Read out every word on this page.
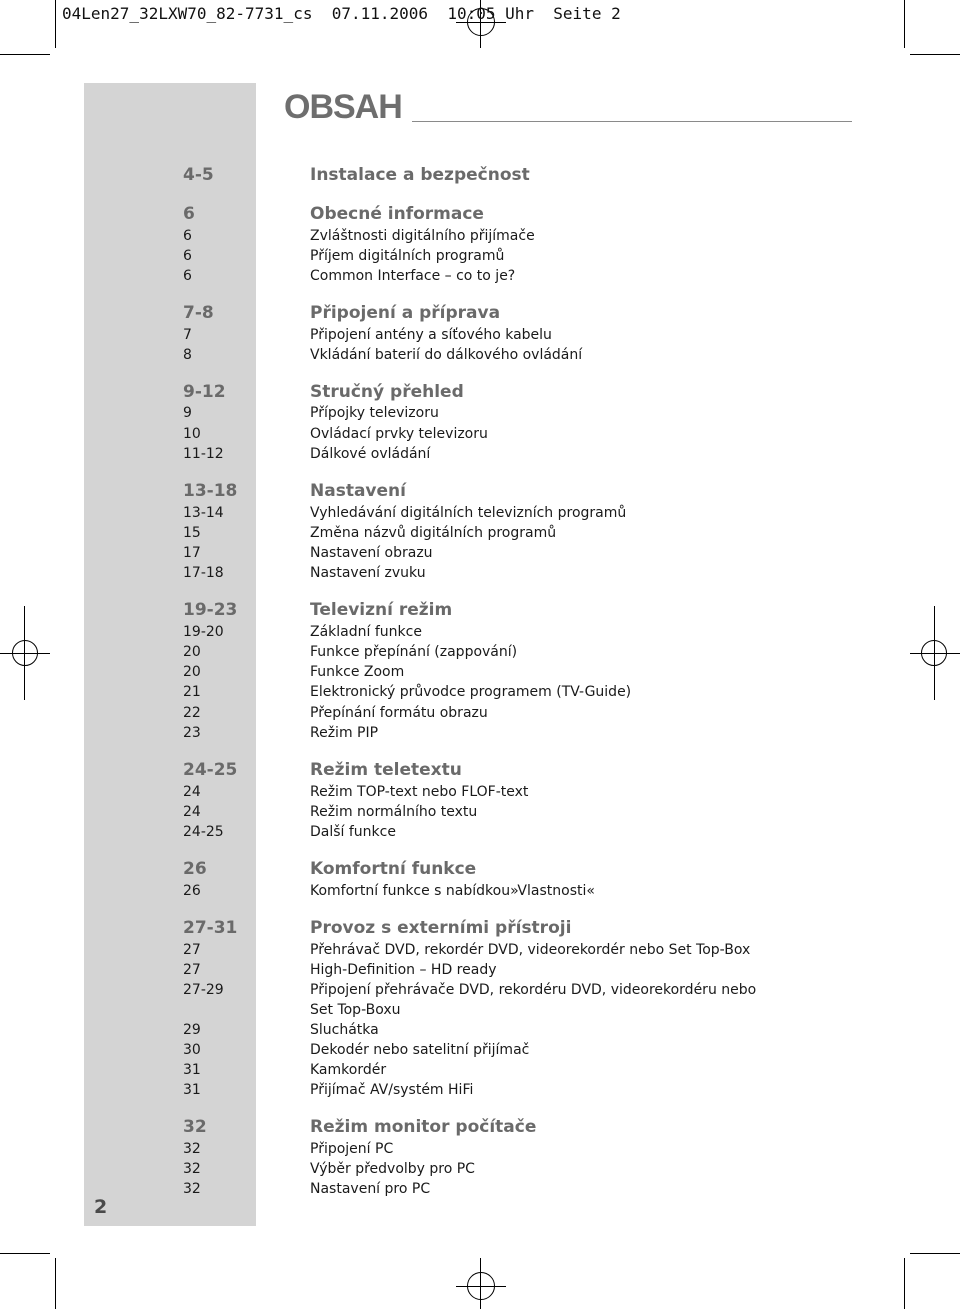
04Len27_32LXW70_82-7731_cs 07.11.2006 10:05 Uhr Seite 2
OBSAH
4-5	Instalace a bezpečnost
6	Obecné informace
6	Zvláštnosti digitálního přijímače
6	Příjem digitálních programů
6	Common Interface – co to je?
7-8	Připojení a příprava
7	Připojení antény a síťového kabelu
8	Vkládání baterií do dálkového ovládání
9-12	Stručný přehled
9	Přípojky televizoru
10	Ovládací prvky televizoru
11-12	Dálkové ovládání
13-18	Nastavení
13-14	Vyhledávání digitálních televizních programů
15	Změna názvů digitálních programů
17	Nastavení obrazu
17-18	Nastavení zvuku
19-23	Televizní režim
19-20	Základní funkce
20	Funkce přepínání (zappování)
20	Funkce Zoom
21	Elektronický průvodce programem (TV-Guide)
22	Přepínání formátu obrazu
23	Režim PIP
24-25	Režim teletextu
24	Režim TOP-text nebo FLOF-text
24	Režim normálního textu
24-25	Další funkce
26	Komfortní funkce
26	Komfortní funkce s nabídkou»Vlastnosti«
27-31	Provoz s externími přístroji
27	Přehrávač DVD, rekordér DVD, videorekordér nebo Set Top-Box
27	High-Definition – HD ready
27-29	Připojení přehrávače DVD, rekordéru DVD, videorekordéru nebo
Set Top-Boxu
29	Sluchátka
30	Dekodér nebo satelitní přijímač
31	Kamkordér
31	Přijímač AV/systém HiFi
32	Režim monitor počítače
32	Připojení PC
32	Výběr předvolby pro PC
32	Nastavení pro PC
2
